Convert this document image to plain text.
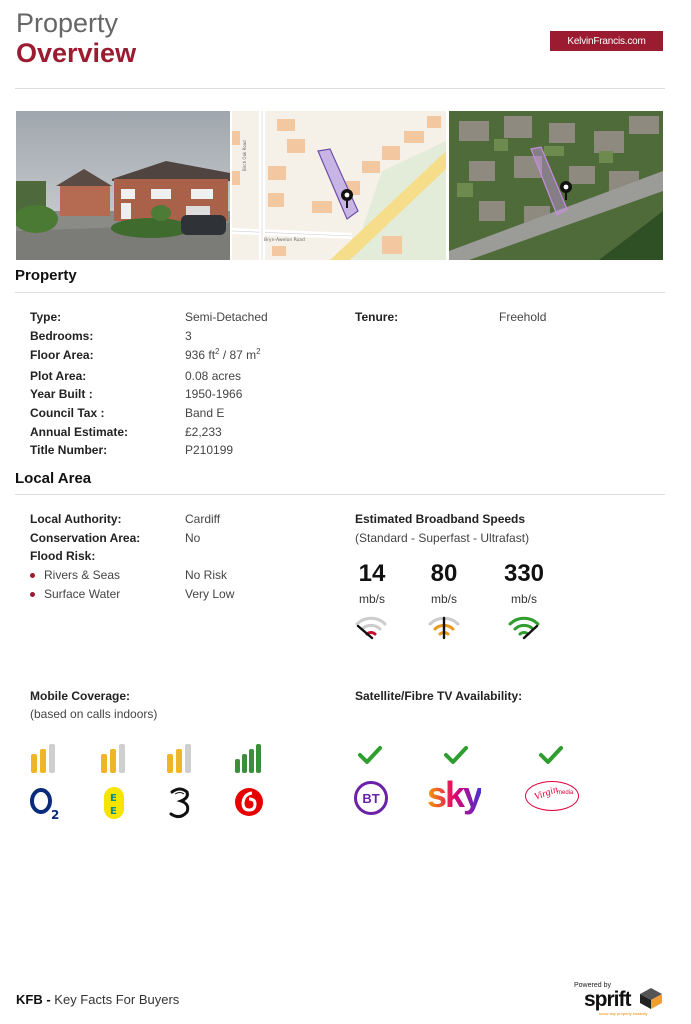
Property
Overview	KelvinFrancis.com
Birch Oak Road
Bryn-Awelon Road
Property
Type:	Semi-Detached
Bedrooms:	3
Floor Area:	936 $ft^2 / 87$ $m^2$
Plot Area:	0.08 acres
Year Built :	1950-1966
Council Tax :	Band E
Annual Estimate:	£2,233
Title Number:	P210199
Tenure:	Freehold
Local Area
Local Authority:	Cardiff
Conservation Area:	No
Flood Risk:
Rivers & Seas	No Risk
Surface Water	Very Low
Estimated Broadband Speeds
(Standard - Superfast - Ultrafast)
14
mb/s
80
mb/s
330
mb/s
Mobile Coverage:
(based on calls indoors)
2
E
E
Satellite/Fibre TV Availability:
BT sky	Virgin
media
KFB - Key Facts For Buyers
Powered by
sprift
know any property instantly
